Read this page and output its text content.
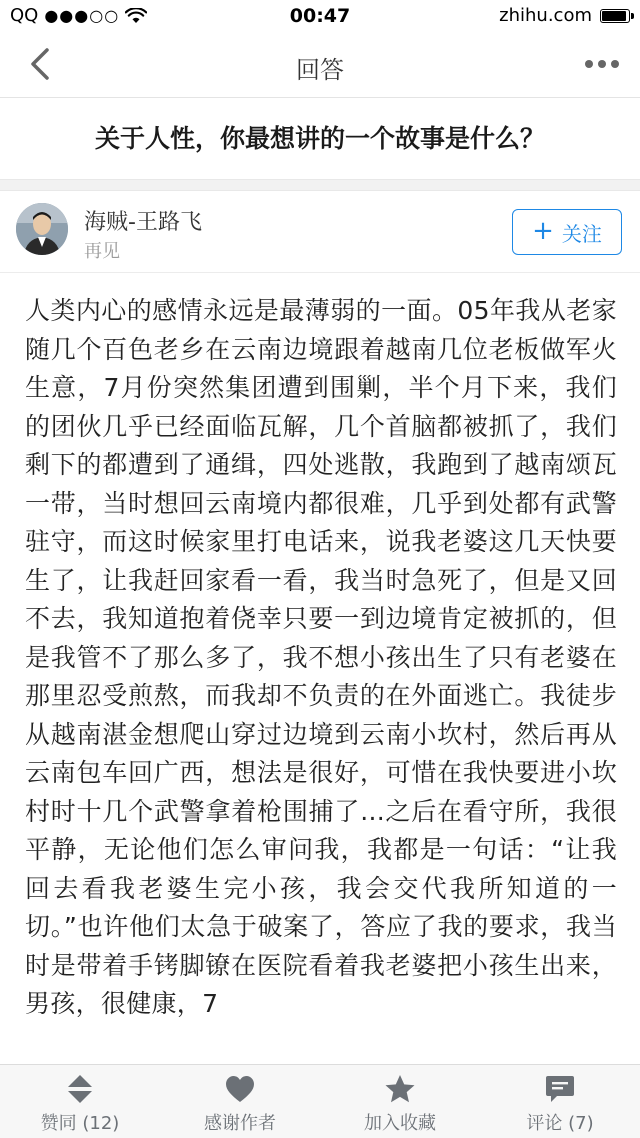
QQ ●●●○○	00:47	zhihu.com
回答
关于人性，你最想讲的一个故事是什么？
海贼-王路飞
再见
+ 关注
人类内心的感情永远是最薄弱的一面。05年我从老家随几个百色老乡在云南边境跟着越南几位老板做军火生意，7月份突然集团遭到围剿，半个月下来，我们的团伙几乎已经面临瓦解，几个首脑都被抓了，我们剩下的都遭到了通缉，四处逃散，我跑到了越南颂瓦一带，当时想回云南境内都很难，几乎到处都有武警驻守，而这时候家里打电话来，说我老婆这几天快要生了，让我赶回家看一看，我当时急死了，但是又回不去，我知道抱着侥幸只要一到边境肯定被抓的，但是我管不了那么多了，我不想小孩出生了只有老婆在那里忍受煎熬，而我却不负责的在外面逃亡。我徒步从越南湛金想爬山穿过边境到云南小坎村，然后再从云南包车回广西，想法是很好，可惜在我快要进小坎村时十几个武警拿着枪围捕了...之后在看守所，我很平静，无论他们怎么审问我，我都是一句话：“让我回去看我老婆生完小孩，我会交代我所知道的一切。”也许他们太急于破案了，答应了我的要求，我当时是带着手铐脚镣在医院看着我老婆把小孩生出来，男孩，很健康，7
赞同 (12)	感谢作者	加入收藏	评论 (7)
